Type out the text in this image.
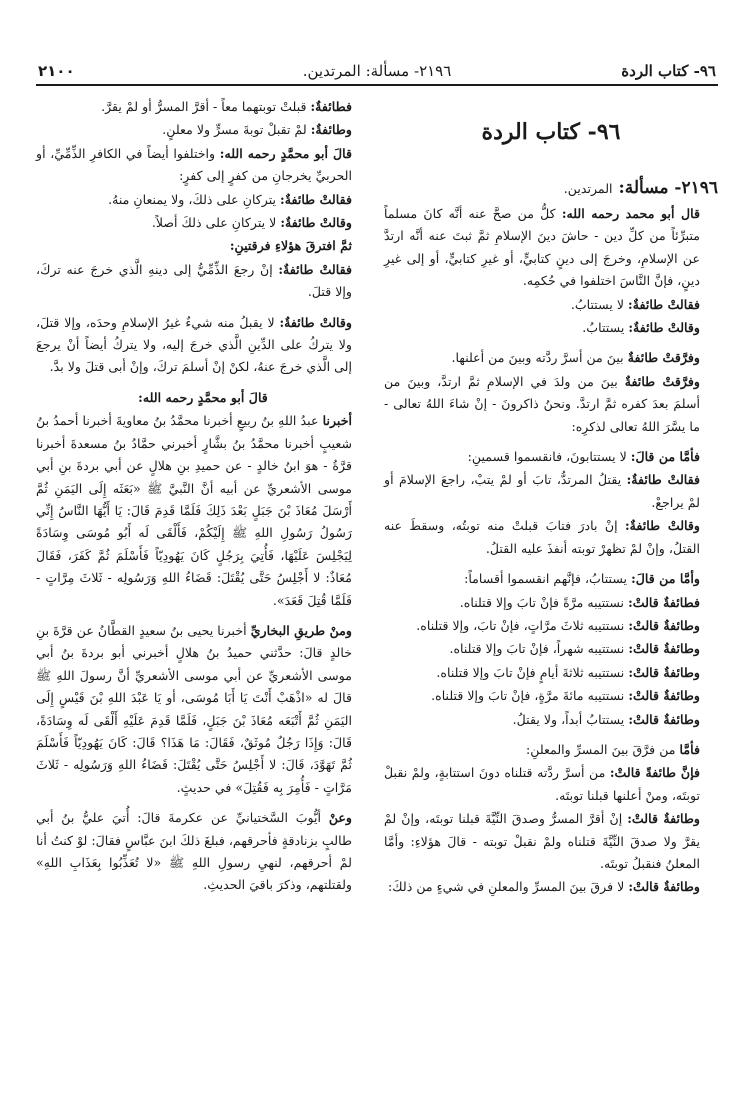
٩٦- كتاب الردة
٢١٩٦- مسألة: المرتدين.
٢١٠٠
٩٦- كتاب الردة
٢١٩٦- مسألة: المرتدين.

قال أبو محمد رحمه الله: كلُّ من صحَّ عنه أنَّه كانَ مسلماً متبرِّئاً من كلِّ دين - حاشَ دينَ الإسلامِ ثمَّ ثبتَ عنه أنَّه ارتدَّ عن الإسلامِ، وخرجَ إلى دينٍ كتابيٍّ، أو غيرِ كتابيٍّ، أو إلى غيرِ دينٍ، فإنَّ النَّاسَ اختلفوا في حُكمِه.

فقالتْ طائفةٌ: لا يستتابُ.

وقالتْ طائفةٌ: يستتابُ.

وفرَّقتْ طائفةٌ بينَ من أسرَّ ردَّته وبينَ من أعلنها.

وفرَّقتْ طائفةٌ بينَ من ولدَ في الإسلامِ ثمَّ ارتدَّ، وبينَ من أسلمَ بعدَ كفره ثمَّ ارتدَّ. ونحنُ ذاكرونَ - إنْ شاءَ اللهُ تعالى - ما يسَّرَ اللهُ تعالى لذكرِه:

فأمَّا من قالَ: لا يستتابونَ، فانقسموا قسمينِ:

فقالتْ طائفةٌ: يقتلُ المرتدُّ، تابَ أو لمْ يتبْ، راجعَ الإسلامَ أو لمْ يراجعْ.

وقالتْ طائفةٌ: إنْ بادرَ فتابَ قبلتْ منه توبتُه، وسقطَ عنه القتلُ، وإنْ لمْ تظهرْ توبته أنفذَ عليه القتلُ.

وأمَّا من قالَ: يستتابُ، فإنَّهم انقسموا أقساماً:

فطائفةٌ قالتْ: نستتيبه مرَّةً فإنْ تابَ وإلا قتلناه.

وطائفةٌ قالتْ: نستتيبه ثلاثَ مرَّاتٍ، فإنْ تابَ، وإلا قتلناه.

وطائفةٌ قالتْ: نستتيبه شهراً، فإنْ تابَ وإلا قتلناه.

وطائفةٌ قالتْ: نستتيبه ثلاثةَ أيامٍ فإنْ تابَ وإلا قتلناه.

وطائفةٌ قالتْ: نستتيبه مائةَ مرَّةٍ، فإنْ تابَ وإلا قتلناه.

وطائفةٌ قالتْ: يستتابُ أبداً، ولا يقتلُ.

فأمَّا من فرَّقَ بينَ المسرِّ والمعلنِ:

فإنَّ طائفةً قالتْ: من أسرَّ ردَّته قتلناه دونَ استتابةٍ، ولمْ نقبلْ توبتَه، ومنْ أعلنها قبلنا توبتَه.

وطائفةٌ قالتْ: إنْ أقرَّ المسرُّ وصدقَ النِّيَّةَ قبلنا توبتَه، وإنْ لمْ يقرَّ ولا صدقَ النِّيَّةَ قتلناه ولمْ نقبلْ توبته - قالَ هؤلاءِ: وأمَّا المعلنُ فنقبلُ توبتَه.

وطائفةٌ قالتْ: لا فرقَ بينَ المسرِّ والمعلنِ في شيءٍ من ذلكَ:

فطائفةٌ: قبلتْ توبتهما معاً - أقرَّ المسرُّ أو لمْ يقرَّ.

وطائفةٌ: لمْ تقبلْ توبةَ مسرٍّ ولا معلنٍ.

قالَ أبو محمَّدٍ رحمه الله: واختلفوا أيضاً في الكافرِ الذِّمِّيِّ، أو الحربيِّ يخرجانِ من كفرٍ إلى كفرٍ:

فقالتْ طائفةٌ: يتركانِ على ذلكَ، ولا يمنعانِ منهُ.

وقالتْ طائفةٌ: لا يتركانِ على ذلكَ أصلاً.

ثمَّ افترقَ هؤلاءِ فرقتينِ:

فقالتْ طائفةٌ: إنْ رجعَ الذِّمِّيُّ إلى دينهِ الَّذي خرجَ عنه تركَ، وإلا قتلَ.

وقالتْ طائفةٌ: لا يقبلُ منه شيءٌ غيرُ الإسلامِ وحدَه، وإلا قتلَ، ولا يتركُ على الدِّينِ الَّذي خرجَ إليه، ولا يتركُ أيضاً أنْ يرجعَ إلى الَّذي خرجَ عنهُ، لكنْ إنْ أسلمَ تركَ، وإنْ أبى قتلَ ولا بدَّ.

قالَ أبو محمَّدٍ رحمه الله:

أخبرنا عبدُ اللهِ بنُ ربيعٍ أخبرنا محمَّدُ بنُ معاويةَ أخبرنا أحمدُ بنُ شعيبٍ أخبرنا محمَّدُ بنُ بشَّارٍ أخبرني حمَّادُ بنُ مسعدةَ أخبرنا قرَّةُ - هوَ ابنُ خالدٍ - عن حميدِ بنِ هلالٍ عن أبي بردةَ بنِ أبي موسى الأشعريِّ عن أبيه أنَّ النَّبيَّ ﷺ «بَعَثَه إِلَى اليَمَنِ ثُمَّ أَرْسَلَ مُعَاذَ بْنَ جَبَلٍ بَعْدَ ذَلِكَ فَلَمَّا قَدِمَ قَالَ: يَا أَيُّهَا النَّاسُ إِنِّي رَسُولُ رَسُولِ اللهِ ﷺ إِلَيْكُمْ، فَأَلْقَى لَه أَبُو مُوسَى وِسَادَةً لِيَجْلِسَ عَلَيْهَا، فَأُتِيَ بِرَجُلٍ كَانَ يَهُودِيّاً فَأَسْلَمَ ثُمَّ كَفَرَ، فَقَالَ مُعَاذٌ: لا أَجْلِسُ حَتَّى يُقْتَلَ: قَضَاءُ اللهِ وَرَسُولِه - ثَلاثَ مِرَّاتٍ - فَلَمَّا قُتِلَ قَعَدَ».

ومنْ طريقِ البخاريِّ أخبرنا يحيى بنُ سعيدٍ القطَّانُ عن قرَّةَ بنِ خالدٍ قالَ: حدَّثني حميدُ بنُ هلالٍ أخبرني أبو بردةَ بنُ أبي موسى الأشعريِّ عن أبي موسى الأشعريِّ أنَّ رسولَ اللهِ ﷺ قالَ له «اذْهَبْ أَنْتَ يَا أَبَا مُوسَى، أو يَا عَبْدَ اللهِ بْنَ قَيْسٍ إِلَى اليَمَنِ ثُمَّ أَتْبَعَه مُعَاذَ بْنَ جَبَلٍ، فَلَمَّا قَدِمَ عَلَيْهِ أَلْقَى لَه وِسَادَةً، قَالَ: وَإِذَا رَجُلٌ مُوثَقٌ، فَقَالَ: مَا هَذَا؟ قَالَ: كَانَ يَهُودِيّاً فَأَسْلَمَ ثُمَّ تَهَوَّدَ، قَالَ: لا أَجْلِسُ حَتَّى يُقْتَلَ: قَضَاءُ اللهِ وَرَسُولِه - ثَلاثَ مَرَّاتٍ - فَأُمِرَ بِه فَقُتِلَ» في حديثٍ.

وعنْ أيُّوبَ السَّختيانيِّ عن عكرمةَ قالَ: أُتيَ عليُّ بنُ أبي طالبٍ بزنادقةٍ فأحرقهم، فبلغَ ذلكَ ابنَ عبَّاسٍ فقالَ: لوْ كنتُ أنا لمْ أحرقهم، لنهيِ رسولِ اللهِ ﷺ «لا تُعَذِّبُوا بِعَذَابِ اللهِ» ولقتلتهم، وذكرَ باقيَ الحديثِ.
